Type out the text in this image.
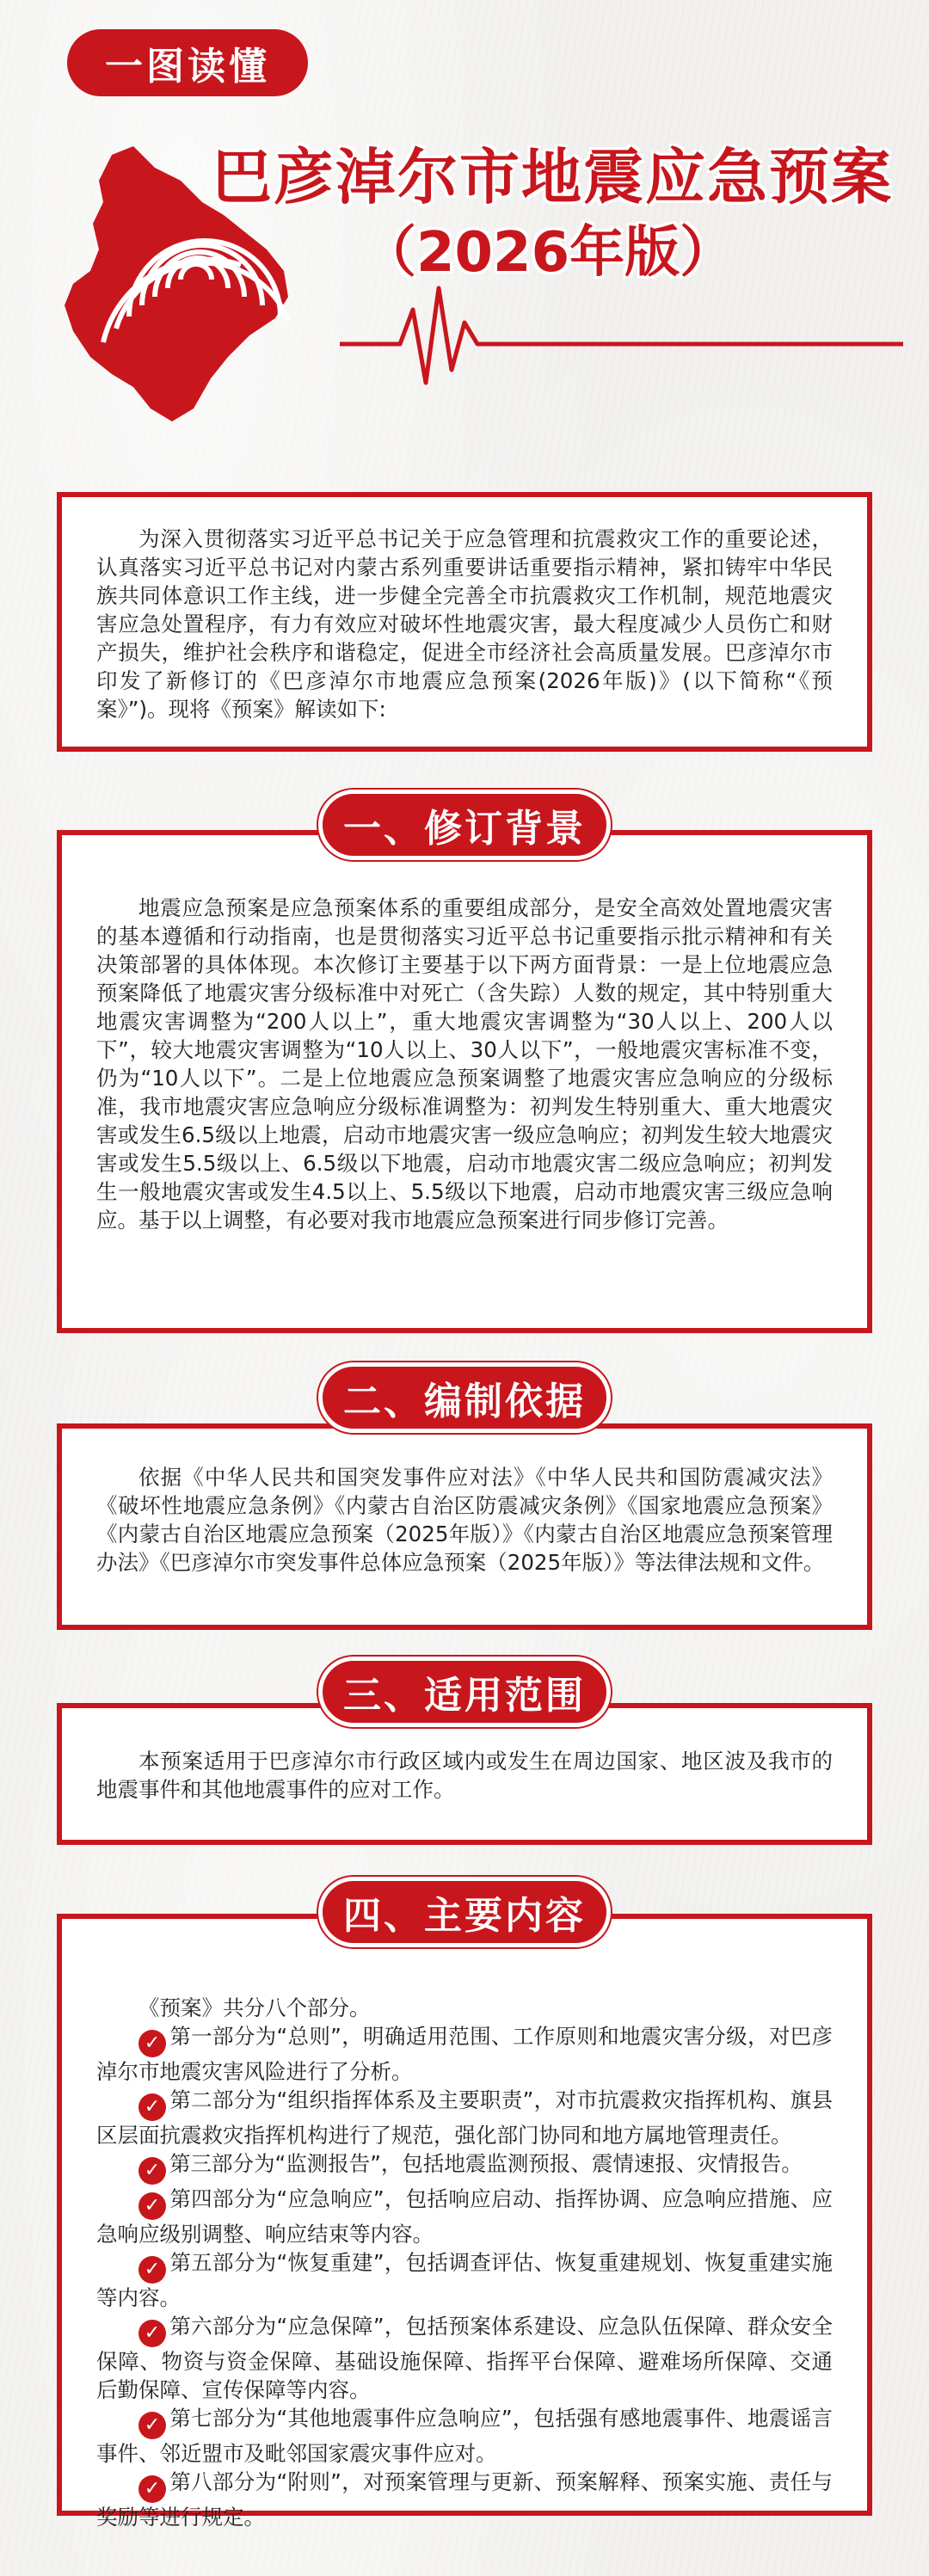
一图读懂
巴彦淖尔市地震应急预案
（2026年版）

为深入贯彻落实习近平总书记关于应急管理和抗震救灾工作的重要论述，认真落实习近平总书记对内蒙古系列重要讲话重要指示精神，紧扣铸牢中华民族共同体意识工作主线，进一步健全完善全市抗震救灾工作机制，规范地震灾害应急处置程序，有力有效应对破坏性地震灾害，最大程度减少人员伤亡和财产损失，维护社会秩序和谐稳定，促进全市经济社会高质量发展。巴彦淖尔市印发了新修订的《巴彦淖尔市地震应急预案(2026年版)》(以下简称“《预案》”)。现将《预案》解读如下:

地震应急预案是应急预案体系的重要组成部分，是安全高效处置地震灾害的基本遵循和行动指南，也是贯彻落实习近平总书记重要指示批示精神和有关决策部署的具体体现。本次修订主要基于以下两方面背景：一是上位地震应急预案降低了地震灾害分级标准中对死亡（含失踪）人数的规定，其中特别重大地震灾害调整为“200人以上”，重大地震灾害调整为“30人以上、200人以下”，较大地震灾害调整为“10人以上、30人以下”，一般地震灾害标准不变，仍为“10人以下”。二是上位地震应急预案调整了地震灾害应急响应的分级标准，我市地震灾害应急响应分级标准调整为：初判发生特别重大、重大地震灾害或发生6.5级以上地震，启动市地震灾害一级应急响应；初判发生较大地震灾害或发生5.5级以上、6.5级以下地震，启动市地震灾害二级应急响应；初判发生一般地震灾害或发生4.5以上、5.5级以下地震，启动市地震灾害三级应急响应。基于以上调整，有必要对我市地震应急预案进行同步修订完善。

一、修订背景

依据《中华人民共和国突发事件应对法》《中华人民共和国防震减灾法》《破坏性地震应急条例》《内蒙古自治区防震减灾条例》《国家地震应急预案》《内蒙古自治区地震应急预案（2025年版）》《内蒙古自治区地震应急预案管理办法》《巴彦淖尔市突发事件总体应急预案（2025年版）》等法律法规和文件。

二、编制依据

本预案适用于巴彦淖尔市行政区域内或发生在周边国家、地区波及我市的地震事件和其他地震事件的应对工作。

三、适用范围

《预案》共分八个部分。

✓ 第一部分为“总则”，明确适用范围、工作原则和地震灾害分级，对巴彦淖尔市地震灾害风险进行了分析。

✓ 第二部分为“组织指挥体系及主要职责”，对市抗震救灾指挥机构、旗县区层面抗震救灾指挥机构进行了规范，强化部门协同和地方属地管理责任。

✓ 第三部分为“监测报告”，包括地震监测预报、震情速报、灾情报告。

✓ 第四部分为“应急响应”，包括响应启动、指挥协调、应急响应措施、应急响应级别调整、响应结束等内容。

✓ 第五部分为“恢复重建”，包括调查评估、恢复重建规划、恢复重建实施等内容。

✓ 第六部分为“应急保障”，包括预案体系建设、应急队伍保障、群众安全保障、物资与资金保障、基础设施保障、指挥平台保障、避难场所保障、交通后勤保障、宣传保障等内容。

✓ 第七部分为“其他地震事件应急响应”，包括强有感地震事件、地震谣言事件、邻近盟市及毗邻国家震灾事件应对。

✓ 第八部分为“附则”，对预案管理与更新、预案解释、预案实施、责任与奖励等进行规定。

四、主要内容
